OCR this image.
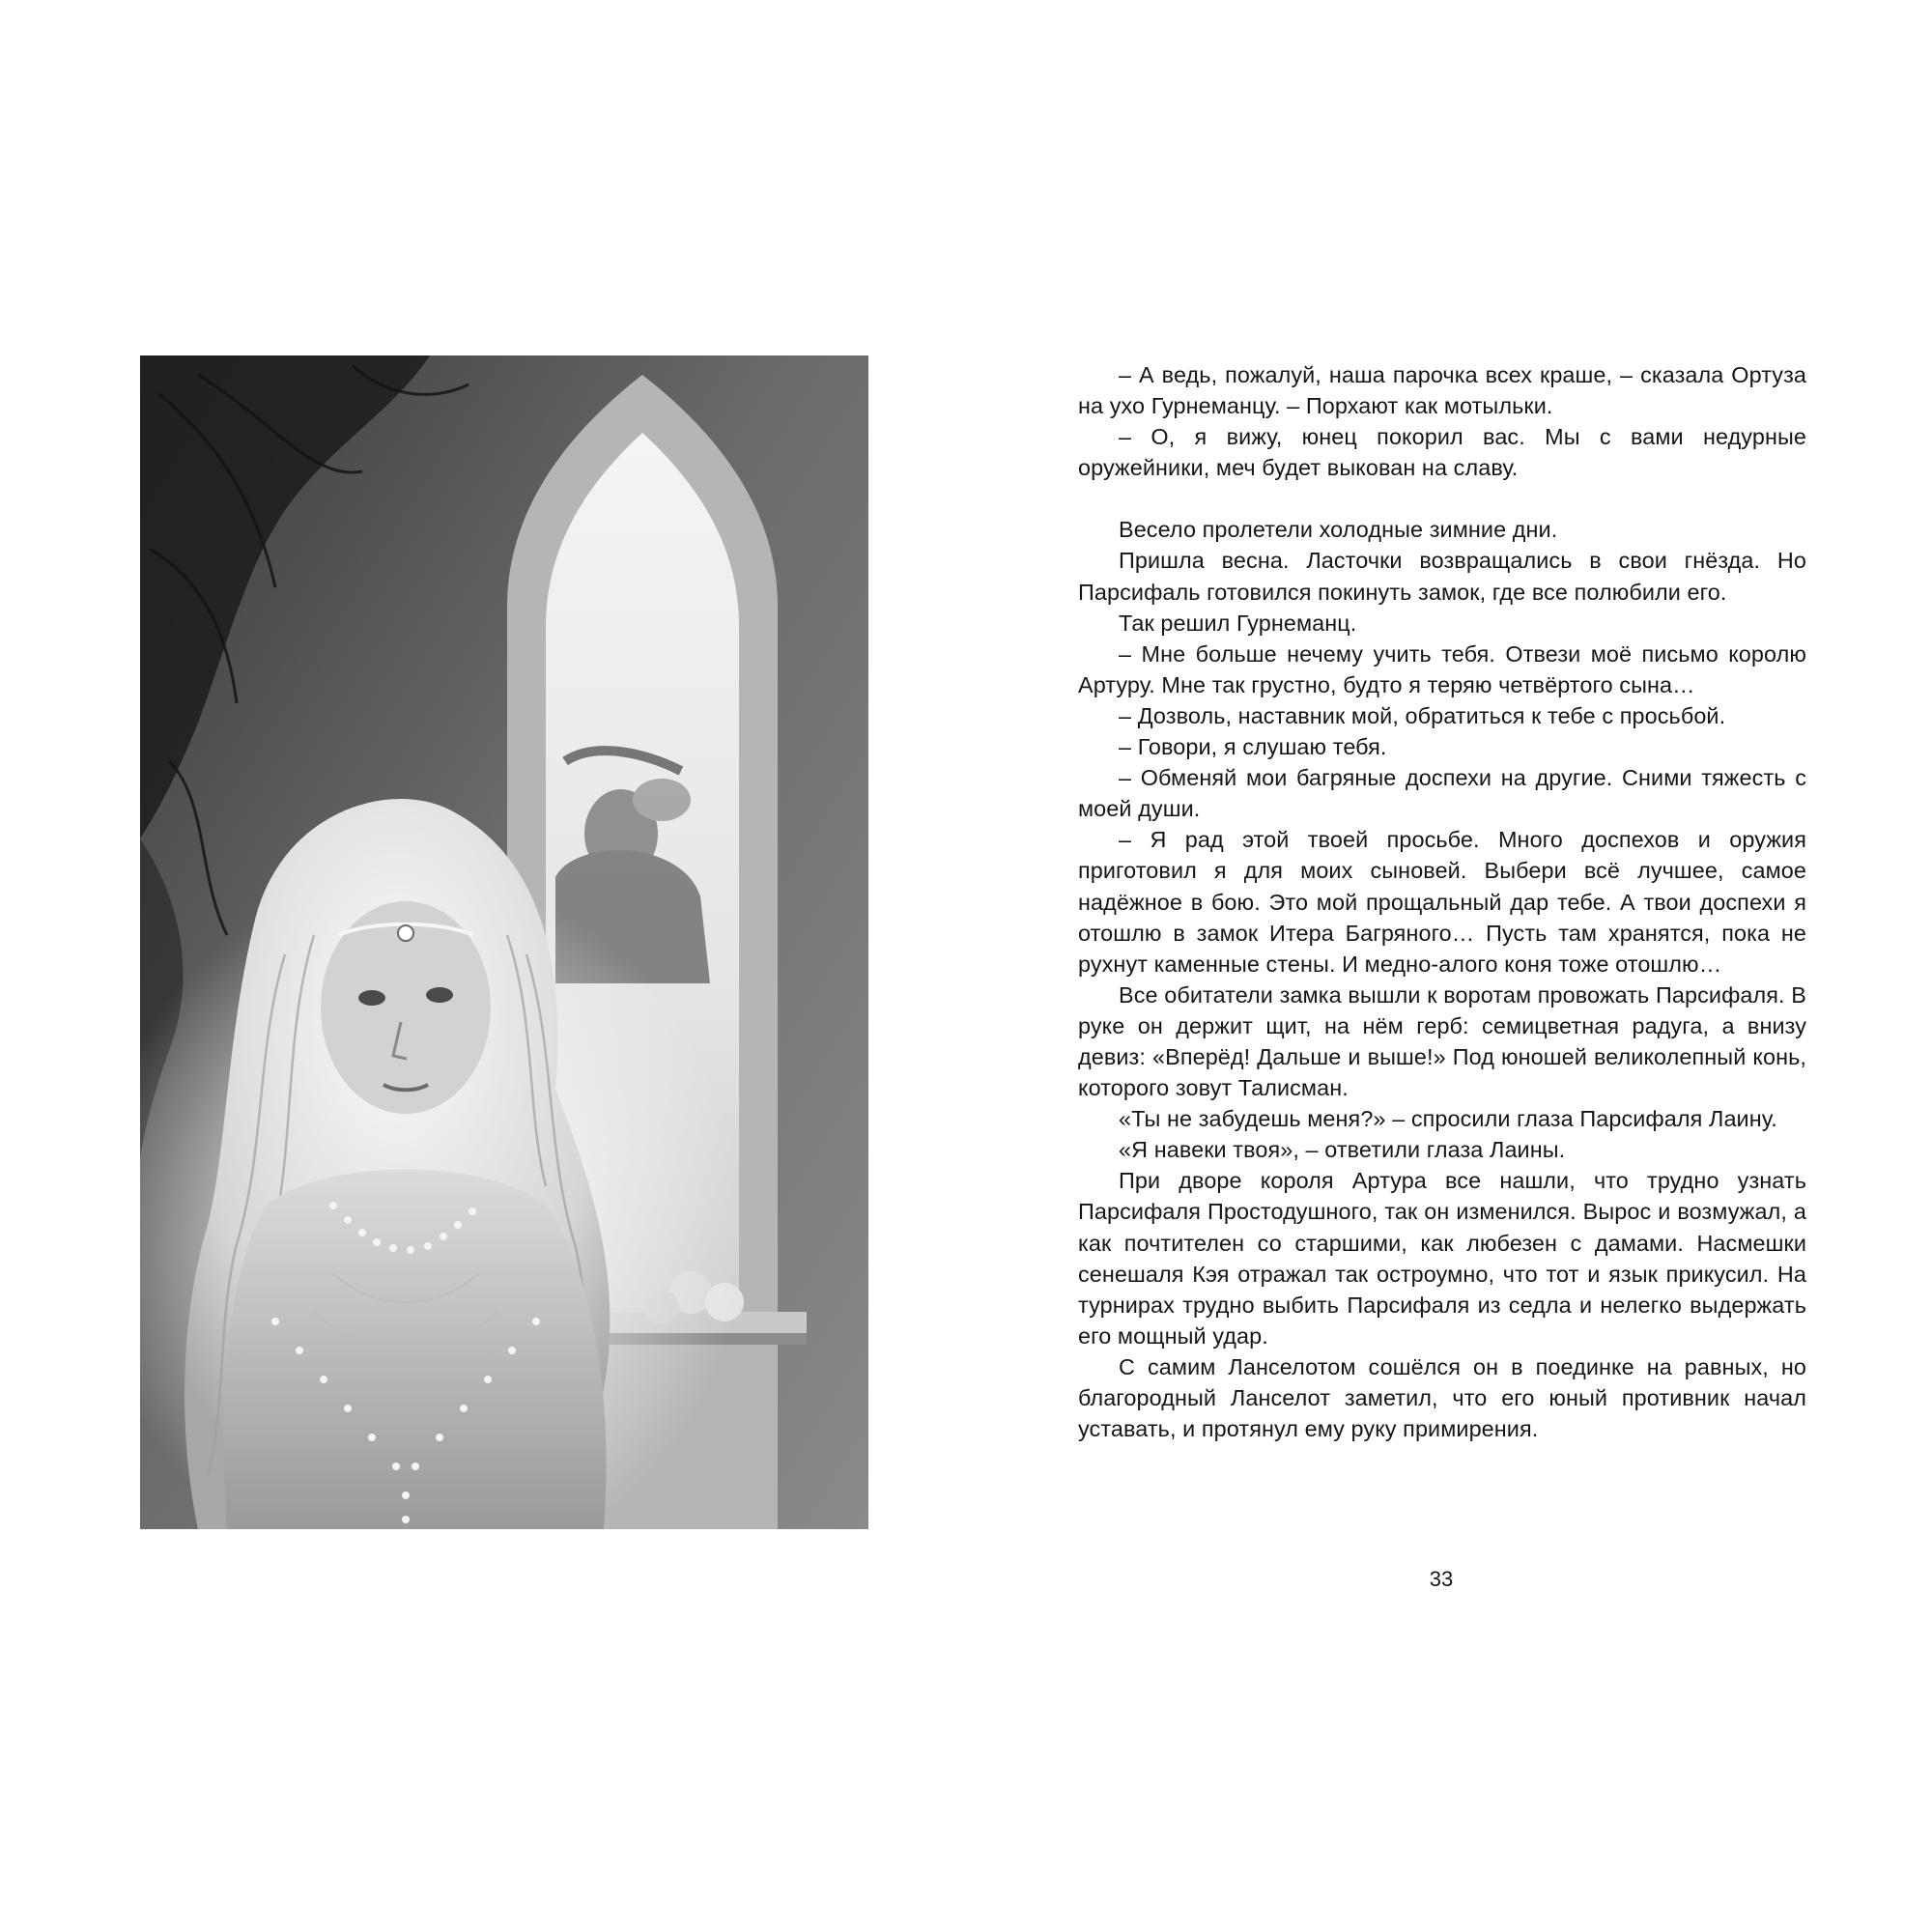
– А ведь, пожалуй, наша парочка всех краше, – сказала Ортуза на ухо Гурнеманцу. – Порхают как мотыльки.

– О, я вижу, юнец покорил вас. Мы с вами недурные оружейники, меч будет выкован на славу.

Весело пролетели холодные зимние дни.

Пришла весна. Ласточки возвращались в свои гнёзда. Но Парсифаль готовился покинуть замок, где все полюбили его.

Так решил Гурнеманц.

– Мне больше нечему учить тебя. Отвези моё письмо королю Артуру. Мне так грустно, будто я теряю четвёртого сына…

– Дозволь, наставник мой, обратиться к тебе с просьбой.

– Говори, я слушаю тебя.

– Обменяй мои багряные доспехи на другие. Сними тяжесть с моей души.

– Я рад этой твоей просьбе. Много доспехов и оружия приготовил я для моих сыновей. Выбери всё лучшее, самое надёжное в бою. Это мой прощальный дар тебе. А твои доспехи я отошлю в замок Итера Багряного… Пусть там хранятся, пока не рухнут каменные стены. И медно-алого коня тоже отошлю…

Все обитатели замка вышли к воротам провожать Парсифаля. В руке он держит щит, на нём герб: семицветная радуга, а внизу девиз: «Вперёд! Дальше и выше!» Под юношей великолепный конь, которого зовут Талисман.

«Ты не забудешь меня?» – спросили глаза Парсифаля Лаину.

«Я навеки твоя», – ответили глаза Лаины.

При дворе короля Артура все нашли, что трудно узнать Парсифаля Простодушного, так он изменился. Вырос и возмужал, а как почтителен со старшими, как любезен с дамами. Насмешки сенешаля Кэя отражал так остроумно, что тот и язык прикусил. На турнирах трудно выбить Парсифаля из седла и нелегко выдержать его мощный удар.

С самим Ланселотом сошёлся он в поединке на равных, но благородный Ланселот заметил, что его юный противник начал уставать, и протянул ему руку примирения.

33
